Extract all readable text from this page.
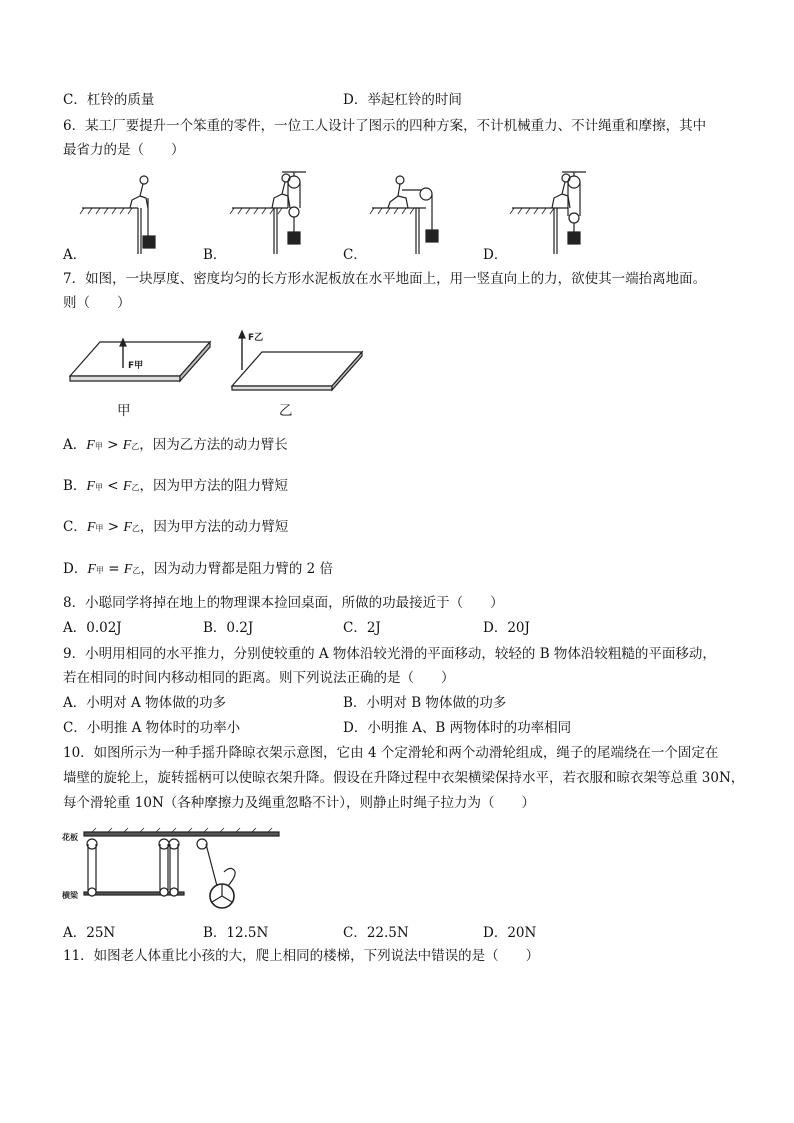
C．杠铃的质量	D．举起杠铃的时间
6．某工厂要提升一个笨重的零件，一位工人设计了图示的四种方案，不计机械重力、不计绳重和摩擦，其中
最省力的是（　　）
A．	B．	C．	D．
7．如图，一块厚度、密度均匀的长方形水泥板放在水平地面上，用一竖直向上的力，欲使其一端抬离地面。
则（　　）
F甲
F乙
甲	乙
A．F甲 > F乙，因为乙方法的动力臂长
B．F甲 < F乙，因为甲方法的阻力臂短
C．F甲 > F乙，因为甲方法的动力臂短
D．F甲 = F乙，因为动力臂都是阻力臂的 2 倍
8．小聪同学将掉在地上的物理课本捡回桌面，所做的功最接近于（　　）
A．0.02J	B．0.2J	C．2J	D．20J
9．小明用相同的水平推力，分别使较重的 A 物体沿较光滑的平面移动，较轻的 B 物体沿较粗糙的平面移动，
若在相同的时间内移动相同的距离。则下列说法正确的是（　　）
A．小明对 A 物体做的功多	B．小明对 B 物体做的功多
C．小明推 A 物体时的功率小	D．小明推 A、B 两物体时的功率相同
10．如图所示为一种手摇升降晾衣架示意图，它由 4 个定滑轮和两个动滑轮组成，绳子的尾端绕在一个固定在
墙壁的旋轮上，旋转摇柄可以使晾衣架升降。假设在升降过程中衣架横梁保持水平，若衣服和晾衣架等总重 30N，
每个滑轮重 10N（各种摩擦力及绳重忽略不计），则静止时绳子拉力为（　　）
花板
横梁
A．25N	B．12.5N	C．22.5N	D．20N
11．如图老人体重比小孩的大，爬上相同的楼梯，下列说法中错误的是（　　）
